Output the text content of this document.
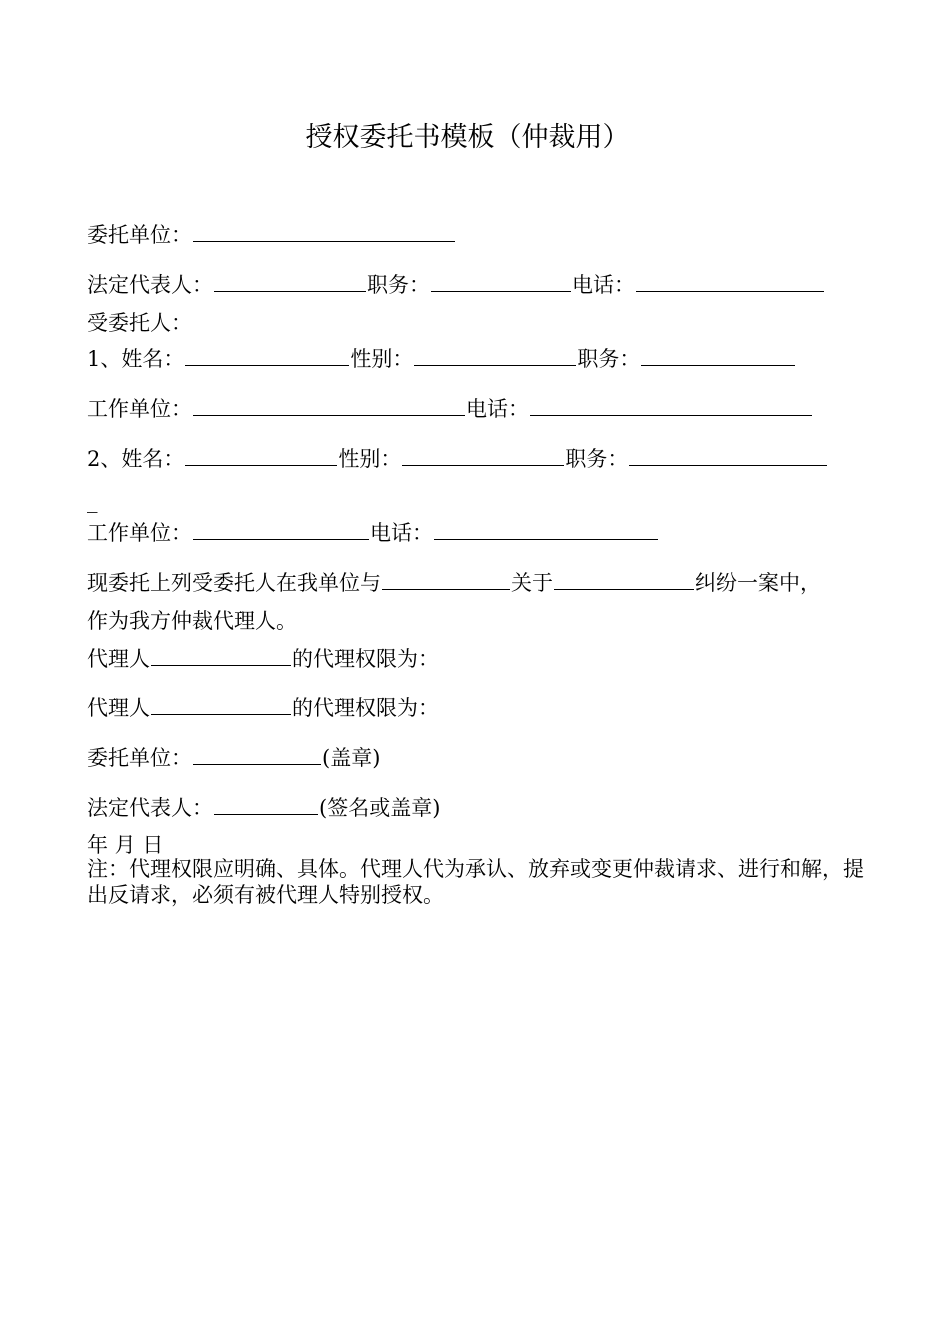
授权委托书模板（仲裁用）
委托单位：
法定代表人：	职务：	电话：
受委托人：
1、姓名：	性别：	职务：
工作单位：	电话：
2、姓名：	性别：	职务：
_
工作单位：	电话：
现委托上列受委托人在我单位与	关于	纠纷一案中，
作为我方仲裁代理人。
代理人	的代理权限为：
代理人	的代理权限为：
委托单位：	(盖章)
法定代表人：	(签名或盖章)
年 月 日
注：代理权限应明确、具体。代理人代为承认、放弃或变更仲裁请求、进行和解，提出反请求，必须有被代理人特别授权。
